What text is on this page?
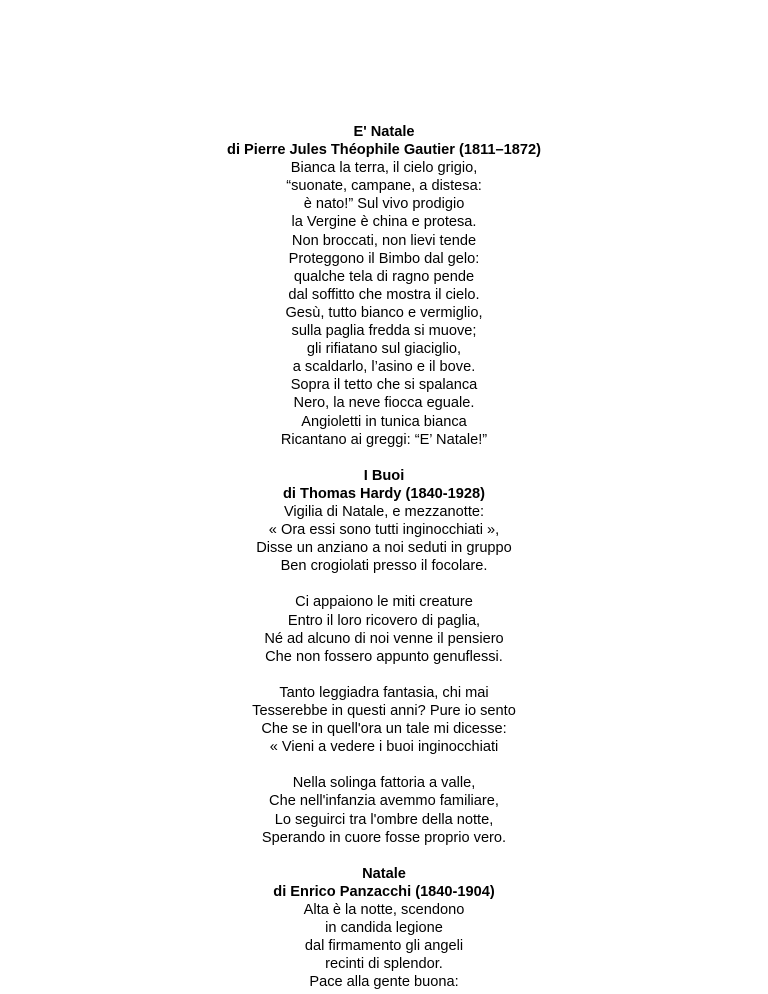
E' Natale
di Pierre Jules Théophile Gautier (1811–1872)
Bianca la terra, il cielo grigio,
“suonate, campane, a distesa:
è nato!” Sul vivo prodigio
la Vergine è china e protesa.
Non broccati, non lievi tende
Proteggono il Bimbo dal gelo:
qualche tela di ragno pende
dal soffitto che mostra il cielo.
Gesù, tutto bianco e vermiglio,
sulla paglia fredda si muove;
gli rifiatano sul giaciglio,
a scaldarlo, l’asino e il bove.
Sopra il tetto che si spalanca
Nero, la neve fiocca eguale.
Angioletti in tunica bianca
Ricantano ai greggi: “E’ Natale!”
I Buoi
di Thomas Hardy (1840-1928)
Vigilia di Natale, e mezzanotte:
« Ora essi sono tutti inginocchiati »,
Disse un anziano a noi seduti in gruppo
Ben crogiolati presso il focolare.
Ci appaiono le miti creature
Entro il loro ricovero di paglia,
Né ad alcuno di noi venne il pensiero
Che non fossero appunto genuflessi.
Tanto leggiadra fantasia, chi mai
Tesserebbe in questi anni? Pure io sento
Che se in quell'ora un tale mi dicesse:
« Vieni a vedere i buoi inginocchiati
Nella solinga fattoria a valle,
Che nell'infanzia avemmo familiare,
Lo seguirci tra l'ombre della notte,
Sperando in cuore fosse proprio vero.
Natale
di Enrico Panzacchi (1840-1904)
Alta è la notte, scendono
in candida legione
dal firmamento gli angeli
recinti di splendor.
Pace alla gente buona:
